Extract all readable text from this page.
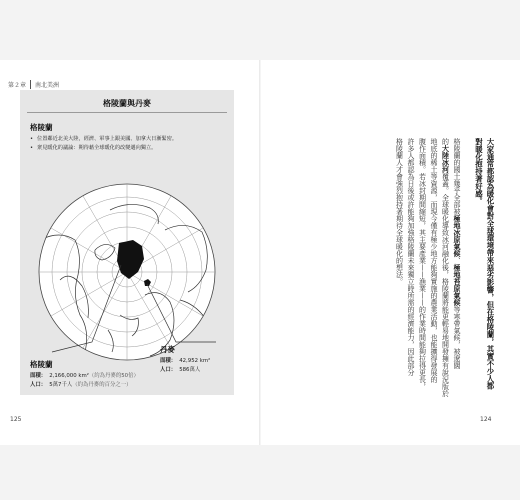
第２章	南北美洲
格陵蘭與丹麥
格陵蘭
• 位置鄰近北美大陸，經濟、軍事上跟美國、加拿大日漸緊密。
• 衆見暖化的議論：期待藉全球暖化的改變邁向獨立。
格陵蘭
面積： 2,166,000 km²（約為丹麥的50倍）
人口： 5萬7千人（約為丹麥的百分之一）
丹麥
面積： 42,952 km²
人口： 586萬人
125
大家通常都認為暖化會對全球環境帶來惡劣影響，但在格陵蘭，其實不少人都
對暖化抱持著好感。
格陵蘭的國土幾乎全部被極地冰原氣候、極地苔原氣候等寒帶氣候，被遼闊
的大陸冰河覆蓋。全球暖化導致冰河融化後，格陵蘭將能更輕易地開發擁有說況版於
地底的稀土等資源，而現今僅有極少地方能夠實施的農業活動，也能擴得發展的
腹作面積。若冰封期間縮短，其主要產業——漁業——的作業時間能夠拉得更長，
許多人都認為日後或許能夠加強格陵蘭未來獨立時所需的經濟能力，因此部分
格陵蘭人才會強烈抱持著期待全球暖化的想法。
124
